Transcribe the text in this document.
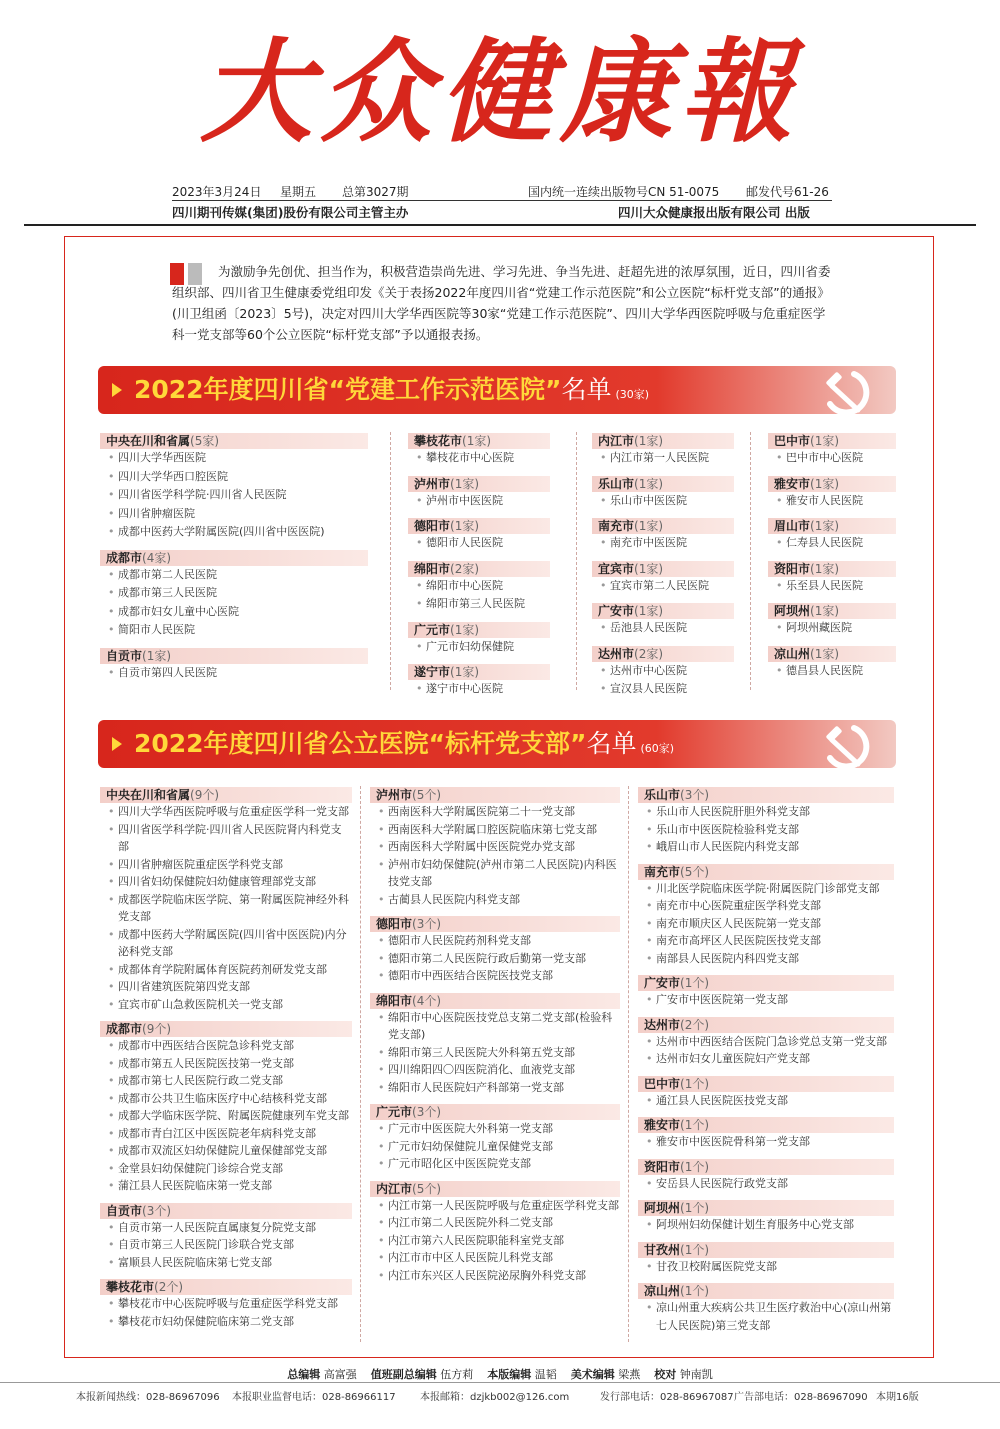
大众健康報
2023年3月24日 星期五 总第3027期	国内统一连续出版物号CN 51-0075 邮发代号61-26
四川期刊传媒(集团)股份有限公司主管主办	四川大众健康报出版有限公司 出版
为激励争先创优、担当作为，积极营造崇尚先进、学习先进、争当先进、赶超先进的浓厚氛围，近日，四川省委组织部、四川省卫生健康委党组印发《关于表扬2022年度四川省“党建工作示范医院”和公立医院“标杆党支部”的通报》(川卫组函〔2023〕5号)，决定对四川大学华西医院等30家“党建工作示范医院”、四川大学华西医院呼吸与危重症医学科一党支部等60个公立医院“标杆党支部”予以通报表扬。
2022年度四川省“党建工作示范医院”名单 (30家)
中央在川和省属(5家)
• 四川大学华西医院
• 四川大学华西口腔医院
• 四川省医学科学院·四川省人民医院
• 四川省肿瘤医院
• 成都中医药大学附属医院(四川省中医医院)
成都市(4家)
• 成都市第二人民医院
• 成都市第三人民医院
• 成都市妇女儿童中心医院
• 简阳市人民医院
自贡市(1家)
• 自贡市第四人民医院
攀枝花市(1家)
• 攀枝花市中心医院
泸州市(1家)
• 泸州市中医医院
德阳市(1家)
• 德阳市人民医院
绵阳市(2家)
• 绵阳市中心医院
• 绵阳市第三人民医院
广元市(1家)
• 广元市妇幼保健院
遂宁市(1家)
• 遂宁市中心医院
内江市(1家)
• 内江市第一人民医院
乐山市(1家)
• 乐山市中医医院
南充市(1家)
• 南充市中医医院
宜宾市(1家)
• 宜宾市第二人民医院
广安市(1家)
• 岳池县人民医院
达州市(2家)
• 达州市中心医院
• 宣汉县人民医院
巴中市(1家)
• 巴中市中心医院
雅安市(1家)
• 雅安市人民医院
眉山市(1家)
• 仁寿县人民医院
资阳市(1家)
• 乐至县人民医院
阿坝州(1家)
• 阿坝州藏医院
凉山州(1家)
• 德昌县人民医院
2022年度四川省公立医院“标杆党支部”名单 (60家)
中央在川和省属(9个)
• 四川大学华西医院呼吸与危重症医学科一党支部
• 四川省医学科学院·四川省人民医院肾内科党支部
• 四川省肿瘤医院重症医学科党支部
• 四川省妇幼保健院妇幼健康管理部党支部
• 成都医学院临床医学院、第一附属医院神经外科党支部
• 成都中医药大学附属医院(四川省中医医院)内分泌科党支部
• 成都体育学院附属体育医院药剂研发党支部
• 四川省建筑医院第四党支部
• 宜宾市矿山急救医院机关一党支部
成都市(9个)
• 成都市中西医结合医院急诊科党支部
• 成都市第五人民医院医技第一党支部
• 成都市第七人民医院行政二党支部
• 成都市公共卫生临床医疗中心结核科党支部
• 成都大学临床医学院、附属医院健康列车党支部
• 成都市青白江区中医医院老年病科党支部
• 成都市双流区妇幼保健院儿童保健部党支部
• 金堂县妇幼保健院门诊综合党支部
• 蒲江县人民医院临床第一党支部
自贡市(3个)
• 自贡市第一人民医院直属康复分院党支部
• 自贡市第三人民医院门诊联合党支部
• 富顺县人民医院临床第七党支部
攀枝花市(2个)
• 攀枝花市中心医院呼吸与危重症医学科党支部
• 攀枝花市妇幼保健院临床第二党支部
泸州市(5个)
• 西南医科大学附属医院第二十一党支部
• 西南医科大学附属口腔医院临床第七党支部
• 西南医科大学附属中医医院党办党支部
• 泸州市妇幼保健院(泸州市第二人民医院)内科医技党支部
• 古蔺县人民医院内科党支部
德阳市(3个)
• 德阳市人民医院药剂科党支部
• 德阳市第二人民医院行政后勤第一党支部
• 德阳市中西医结合医院医技党支部
绵阳市(4个)
• 绵阳市中心医院医技党总支第二党支部(检验科党支部)
• 绵阳市第三人民医院大外科第五党支部
• 四川绵阳四〇四医院消化、血液党支部
• 绵阳市人民医院妇产科部第一党支部
广元市(3个)
• 广元市中医医院大外科第一党支部
• 广元市妇幼保健院儿童保健党支部
• 广元市昭化区中医医院党支部
内江市(5个)
• 内江市第一人民医院呼吸与危重症医学科党支部
• 内江市第二人民医院外科二党支部
• 内江市第六人民医院职能科室党支部
• 内江市市中区人民医院儿科党支部
• 内江市东兴区人民医院泌尿胸外科党支部
乐山市(3个)
• 乐山市人民医院肝胆外科党支部
• 乐山市中医医院检验科党支部
• 峨眉山市人民医院内科党支部
南充市(5个)
• 川北医学院临床医学院·附属医院门诊部党支部
• 南充市中心医院重症医学科党支部
• 南充市顺庆区人民医院第一党支部
• 南充市高坪区人民医院医技党支部
• 南部县人民医院内科四党支部
广安市(1个)
• 广安市中医医院第一党支部
达州市(2个)
• 达州市中西医结合医院门急诊党总支第一党支部
• 达州市妇女儿童医院妇产党支部
巴中市(1个)
• 通江县人民医院医技党支部
雅安市(1个)
• 雅安市中医医院骨科第一党支部
资阳市(1个)
• 安岳县人民医院行政党支部
阿坝州(1个)
• 阿坝州妇幼保健计划生育服务中心党支部
甘孜州(1个)
• 甘孜卫校附属医院党支部
凉山州(1个)
• 凉山州重大疾病公共卫生医疗救治中心(凉山州第七人民医院)第三党支部
总编辑 高富强 值班副总编辑 伍方莉 本版编辑 温韬 美术编辑 梁燕 校对 钟南凯
本报新闻热线：028-86967096 本报职业监督电话：028-86966117 本报邮箱：dzjkb002@126.com	发行部电话：028-86967087 广告部电话：028-86967090 本期16版
